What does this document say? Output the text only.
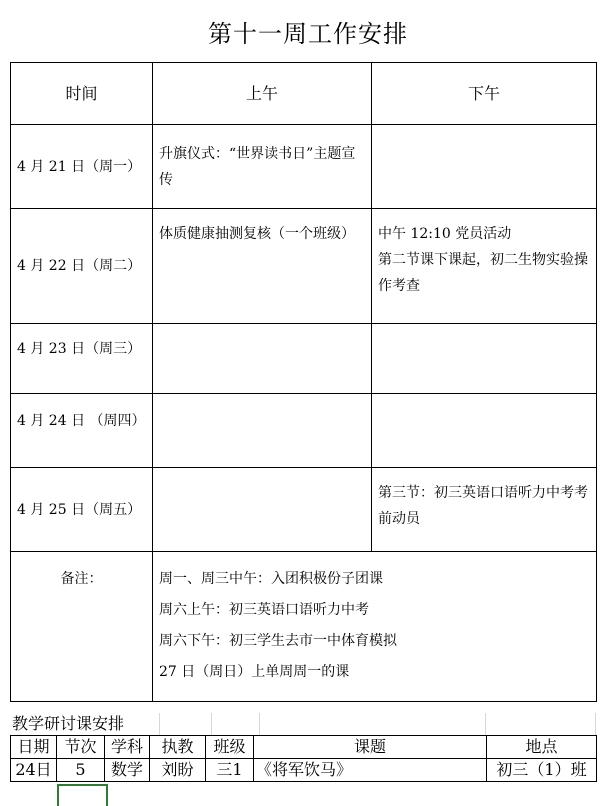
第十一周工作安排
时间	上午	下午
4 月 21 日（周一）	升旗仪式：“世界读书日”主题宣传	

4 月 22 日（周二）	体质健康抽测复核（一个班级）	中午 12:10 党员活动
第二节课下课起，初二生物实验操作考查

4 月 23 日（周三）		
4 月 24 日 （周四）		
4 月 25 日（周五）		第三节：初三英语口语听力中考考前动员

备注：	周一、周三中午：入团积极份子团课
周六上午：初三英语口语听力中考
周六下午：初三学生去市一中体育模拟
27 日（周日）上单周周一的课	
教学研讨课安排
日期	节次	学科	执教	班级	课题	地点
24日	5	数学	刘盼	三1	《将军饮马》	初三（1）班
